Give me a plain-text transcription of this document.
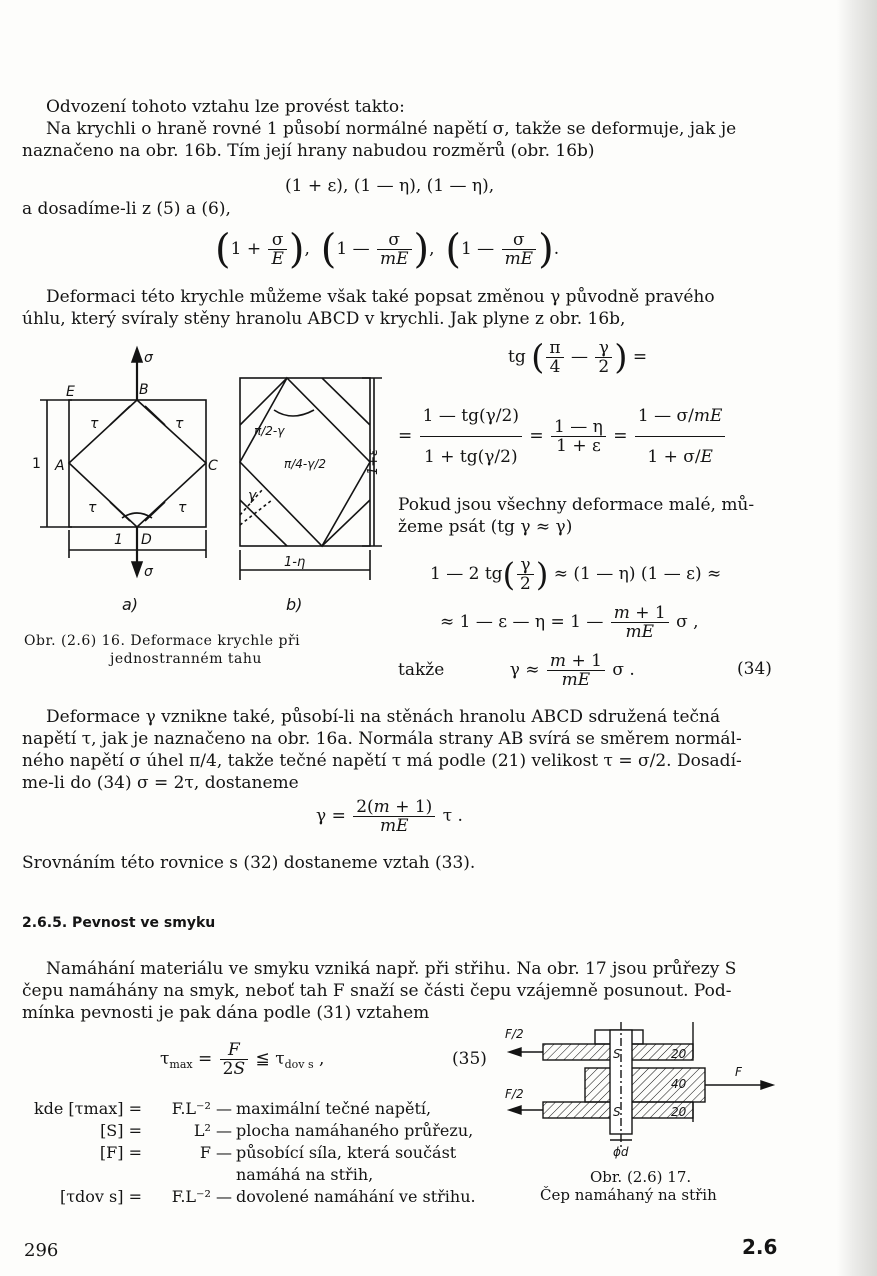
Odvození tohoto vztahu lze provést takto:
Na krychli o hraně rovné 1 působí normálné napětí σ, takže se deformuje, jak je
naznačeno na obr. 16b. Tím její hrany nabudou rozměrů (obr. 16b)
(1 + ε), (1 — η), (1 — η),
a dosadíme-li z (5) a (6),
($1 + \frac{\sigma}{E}$ ),  (1 — $\frac{\sigma}{mE}$ ),  (1 — $\frac{\sigma}{mE}$ ).
Deformaci této krychle můžeme však také popsat změnou γ původně pravého
úhlu, který svíraly stěny hranolu ABCD v krychli. Jak plyne z obr. 16b,
tg ( $\frac{\pi}{4}$ — $\frac{\gamma}{2}$ ) =
= $\frac{1 — tg(\gamma/2)}{1 + tg(\gamma/2)} = \frac{1 — \eta}{1 + \varepsilon} = \frac{1 — \sigma/mE}{1 + \sigma/E}$
Pokud jsou všechny deformace malé, mů-
žeme psát (tg γ ≈ γ)
1 — 2 $tg( \frac{\gamma}{2}$ ) ≈ (1 — η) (1 — ε) ≈
≈ 1 — ε — η = 1 — $\frac{m + 1}{mE}$ σ ,
takže	$\gamma \approx \frac{m + 1}{mE}$ σ .	(34)
σ
σ
E	B
A	C
D
τ	τ
τ	τ
1
1
π/2-γ
π/4-γ/2
γ
1+ε
1-η
a)	b)
Obr. (2.6) 16. Deformace krychle při
jednostranném tahu
Deformace γ vznikne také, působí-li na stěnách hranolu ABCD sdružená tečná
napětí τ, jak je naznačeno na obr. 16a. Normála strany AB svírá se směrem normál-
ného napětí σ úhel π/4, takže tečné napětí τ má podle (21) velikost τ = σ/2. Dosadí-
me-li do (34) σ = 2τ, dostaneme
$\gamma = \frac{2(m + 1)}{mE}$ τ .
Srovnáním této rovnice s (32) dostaneme vztah (33).
2.6.5. Pevnost ve smyku
Namáhání materiálu ve smyku vzniká např. při střihu. Na obr. 17 jsou průřezy S
čepu namáhány na smyk, neboť tah F snaží se části čepu vzájemně posunout. Pod-
mínka pevnosti je pak dána podle (31) vztahem
$\tau_{max} = \frac{F}{2S}$ ≦ $\tau_{dov s}$ ,	(35)
kde [τmax] =	F.L⁻² — maximální tečné napětí,
[S] =	L² — plocha namáhaného průřezu,
[F] =	F — působící síla, která součást
namáhá na střih,
[τdov s] =	F.L⁻² — dovolené namáhání ve střihu.
F/2
F/2
F
S
S
20
40
20
ϕd
Obr. (2.6) 17.
Čep namáhaný na střih
296	2.6
